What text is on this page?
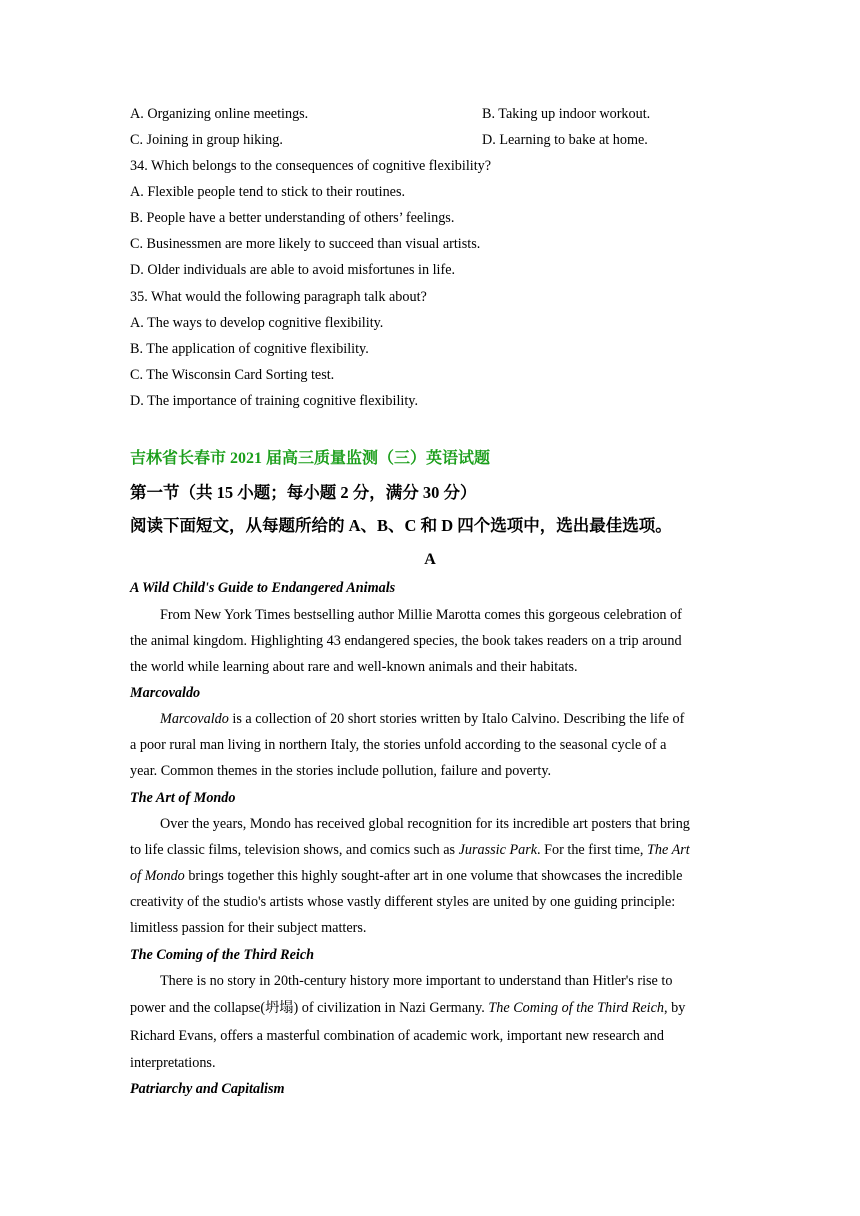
A. Organizing online meetings.	B. Taking up indoor workout.
C. Joining in group hiking.	D. Learning to bake at home.
34. Which belongs to the consequences of cognitive flexibility?
A. Flexible people tend to stick to their routines.
B. People have a better understanding of others’ feelings.
C. Businessmen are more likely to succeed than visual artists.
D. Older individuals are able to avoid misfortunes in life.
35. What would the following paragraph talk about?
A. The ways to develop cognitive flexibility.
B. The application of cognitive flexibility.
C. The Wisconsin Card Sorting test.
D. The importance of training cognitive flexibility.
吉林省长春市 2021 届高三质量监测（三）英语试题
第一节（共 15 小题；每小题 2 分，满分 30 分）
阅读下面短文，从每题所给的 A、B、C 和 D 四个选项中，选出最佳选项。
A
A Wild Child's Guide to Endangered Animals
From New York Times bestselling author Millie Marotta comes this gorgeous celebration of
the animal kingdom. Highlighting 43 endangered species, the book takes readers on a trip around
the world while learning about rare and well-known animals and their habitats.
Marcovaldo
Marcovaldo is a collection of 20 short stories written by Italo Calvino. Describing the life of
a poor rural man living in northern Italy, the stories unfold according to the seasonal cycle of a
year. Common themes in the stories include pollution, failure and poverty.
The Art of Mondo
Over the years, Mondo has received global recognition for its incredible art posters that bring
to life classic films, television shows, and comics such as Jurassic Park. For the first time, The Art
of Mondo brings together this highly sought-after art in one volume that showcases the incredible
creativity of the studio's artists whose vastly different styles are united by one guiding principle:
limitless passion for their subject matters.
The Coming of the Third Reich
There is no story in 20th-century history more important to understand than Hitler's rise to
power and the collapse(坍塌) of civilization in Nazi Germany. The Coming of the Third Reich, by
Richard Evans, offers a masterful combination of academic work, important new research and
interpretations.
Patriarchy and Capitalism
